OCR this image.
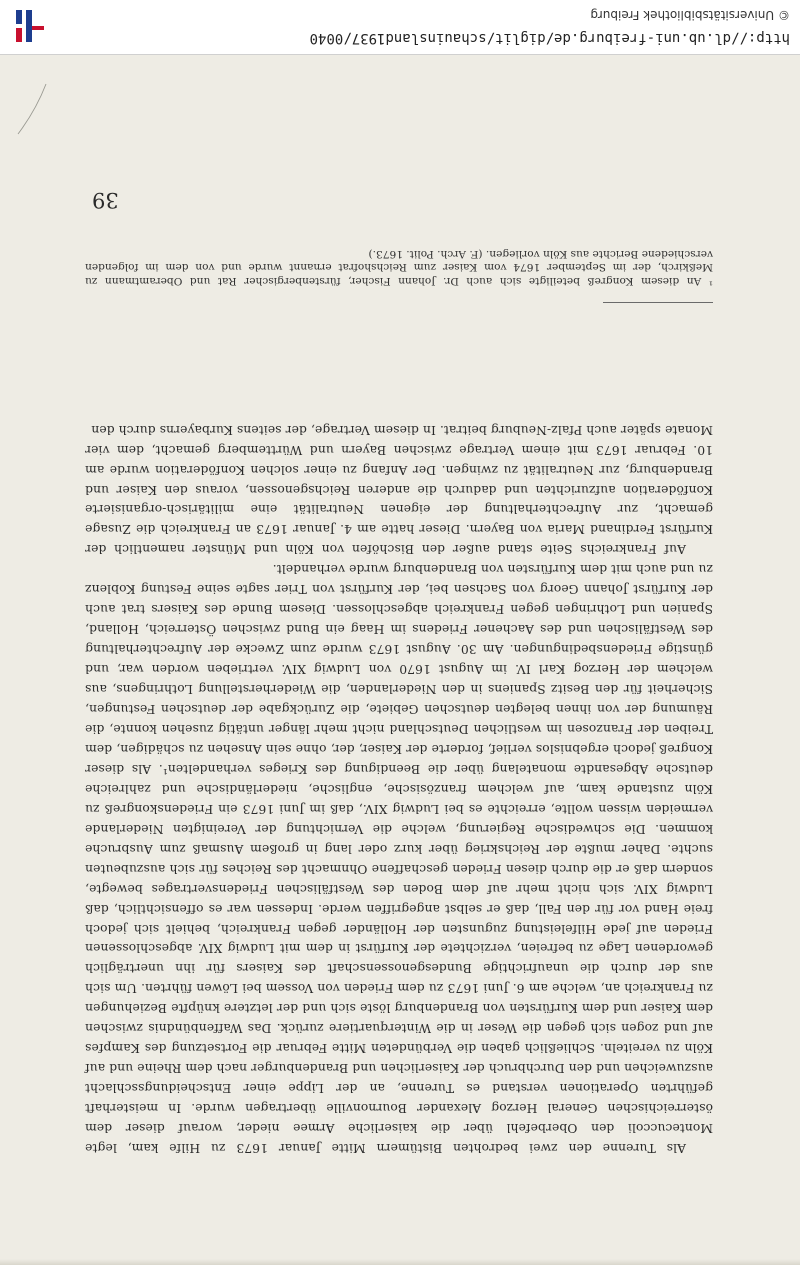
Als Turenne den zwei bedrohten Bistümern Mitte Januar 1673 zu Hilfe kam, legte Montecuccoli den Oberbefehl über die kaiserliche Armee nieder, worauf dieser dem österreichischen General Herzog Alexander Bournonville übertragen wurde. In meisterhaft geführten Operationen verstand es Turenne, an der Lippe einer Entscheidungsschlacht auszuweichen und den Durchbruch der Kaiserlichen und Brandenburger nach dem Rheine und auf Köln zu vereiteln. Schließlich gaben die Verbündeten Mitte Februar die Fortsetzung des Kampfes auf und zogen sich gegen die Weser in die Winterquartiere zurück. Das Waffenbündnis zwischen dem Kaiser und dem Kurfürsten von Brandenburg löste sich und der letztere knüpfte Beziehungen zu Frankreich an, welche am 6. Juni 1673 zu dem Frieden von Vossem bei Löwen führten. Um sich aus der durch die unaufrichtige Bundesgenossenschaft des Kaisers für ihn unerträglich gewordenen Lage zu befreien, verzichtete der Kurfürst in dem mit Ludwig XIV. abgeschlossenen Frieden auf jede Hilfeleistung zugunsten der Holländer gegen Frankreich, behielt sich jedoch freie Hand vor für den Fall, daß er selbst angegriffen werde. Indessen war es offensichtlich, daß Ludwig XIV. sich nicht mehr auf dem Boden des Westfälischen Friedensvertrages bewegte, sondern daß er die durch diesen Frieden geschaffene Ohnmacht des Reiches für sich auszubeuten suchte. Daher mußte der Reichskrieg über kurz oder lang in großem Ausmaß zum Ausbruche kommen. Die schwedische Regierung, welche die Vernichtung der Vereinigten Niederlande vermeiden wissen wollte, erreichte es bei Ludwig XIV., daß im Juni 1673 ein Friedenskongreß zu Köln zustande kam, auf welchem französische, englische, niederländische und zahlreiche deutsche Abgesandte monatelang über die Beendigung des Krieges verhandelten¹. Als dieser Kongreß jedoch ergebnislos verlief, forderte der Kaiser, der, ohne sein Ansehen zu schädigen, dem Treiben der Franzosen im westlichen Deutschland nicht mehr länger untätig zusehen konnte, die Räumung der von ihnen belegten deutschen Gebiete, die Zurückgabe der deutschen Festungen, Sicherheit für den Besitz Spaniens in den Niederlanden, die Wiederherstellung Lothringens, aus welchem der Herzog Karl IV. im August 1670 von Ludwig XIV. vertrieben worden war, und günstige Friedensbedingungen. Am 30. August 1673 wurde zum Zwecke der Aufrechterhaltung des Westfälischen und des Aachener Friedens im Haag ein Bund zwischen Österreich, Holland, Spanien und Lothringen gegen Frankreich abgeschlossen. Diesem Bunde des Kaisers trat auch der Kurfürst Johann Georg von Sachsen bei, der Kurfürst von Trier sagte seine Festung Koblenz zu und auch mit dem Kurfürsten von Brandenburg wurde verhandelt.

Auf Frankreichs Seite stand außer den Bischöfen von Köln und Münster namentlich der Kurfürst Ferdinand Maria von Bayern. Dieser hatte am 4. Januar 1673 an Frankreich die Zusage gemacht, zur Aufrechterhaltung der eigenen Neutralität eine militärisch-organisierte Konföderation aufzurichten und dadurch die anderen Reichsgenossen, voraus den Kaiser und Brandenburg, zur Neutralität zu zwingen. Der Anfang zu einer solchen Konföderation wurde am 10. Februar 1673 mit einem Vertrage zwischen Bayern und Württemberg gemacht, dem vier Monate später auch Pfalz-Neuburg beitrat. In diesem Vertrage, der seitens Kurbayerns durch den

¹ An diesem Kongreß beteiligte sich auch Dr. Johann Fischer, fürstenbergischer Rat und Oberamtmann zu Meßkirch, der im September 1674 vom Kaiser zum Reichshofrat ernannt wurde und von dem im folgenden verschiedene Berichte aus Köln vorliegen. (F. Arch. Polit. 1673.)
39
http://dl.ub.uni-freiburg.de/diglit/schauinsland1937/0040
© Universitätsbibliothek Freiburg
